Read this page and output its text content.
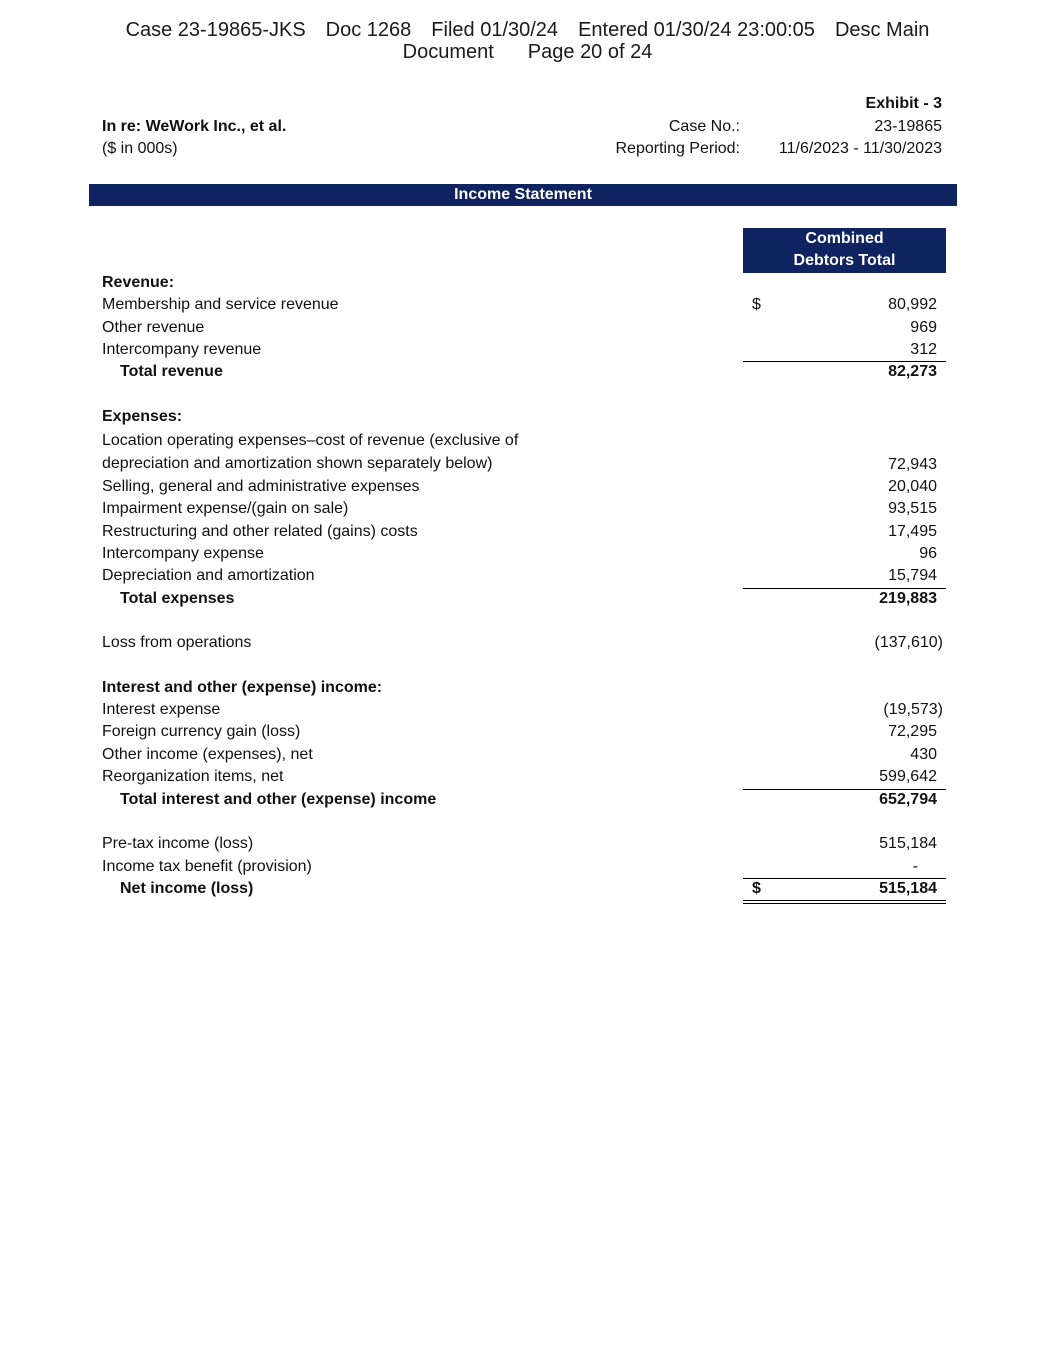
Case 23-19865-JKS Doc 1268 Filed 01/30/24 Entered 01/30/24 23:00:05 Desc Main
Document Page 20 of 24
Exhibit - 3
In re: WeWork Inc., et al.
($ in 000s)
Case No.:	23-19865
Reporting Period: 11/6/2023 - 11/30/2023
Income Statement
Combined
Debtors Total
Revenue:
Membership and service revenue	$	80,992
Other revenue	969
Intercompany revenue	312
Total revenue	82,273
Expenses:
Location operating expenses–cost of revenue (exclusive of
depreciation and amortization shown separately below)	72,943
Selling, general and administrative expenses	20,040
Impairment expense/(gain on sale)	93,515
Restructuring and other related (gains) costs	17,495
Intercompany expense	96
Depreciation and amortization	15,794
Total expenses	219,883
Loss from operations	(137,610)
Interest and other (expense) income:
Interest expense	(19,573)
Foreign currency gain (loss)	72,295
Other income (expenses), net	430
Reorganization items, net	599,642
Total interest and other (expense) income	652,794
Pre-tax income (loss)	515,184
Income tax benefit (provision)	-
Net income (loss)	$	515,184
